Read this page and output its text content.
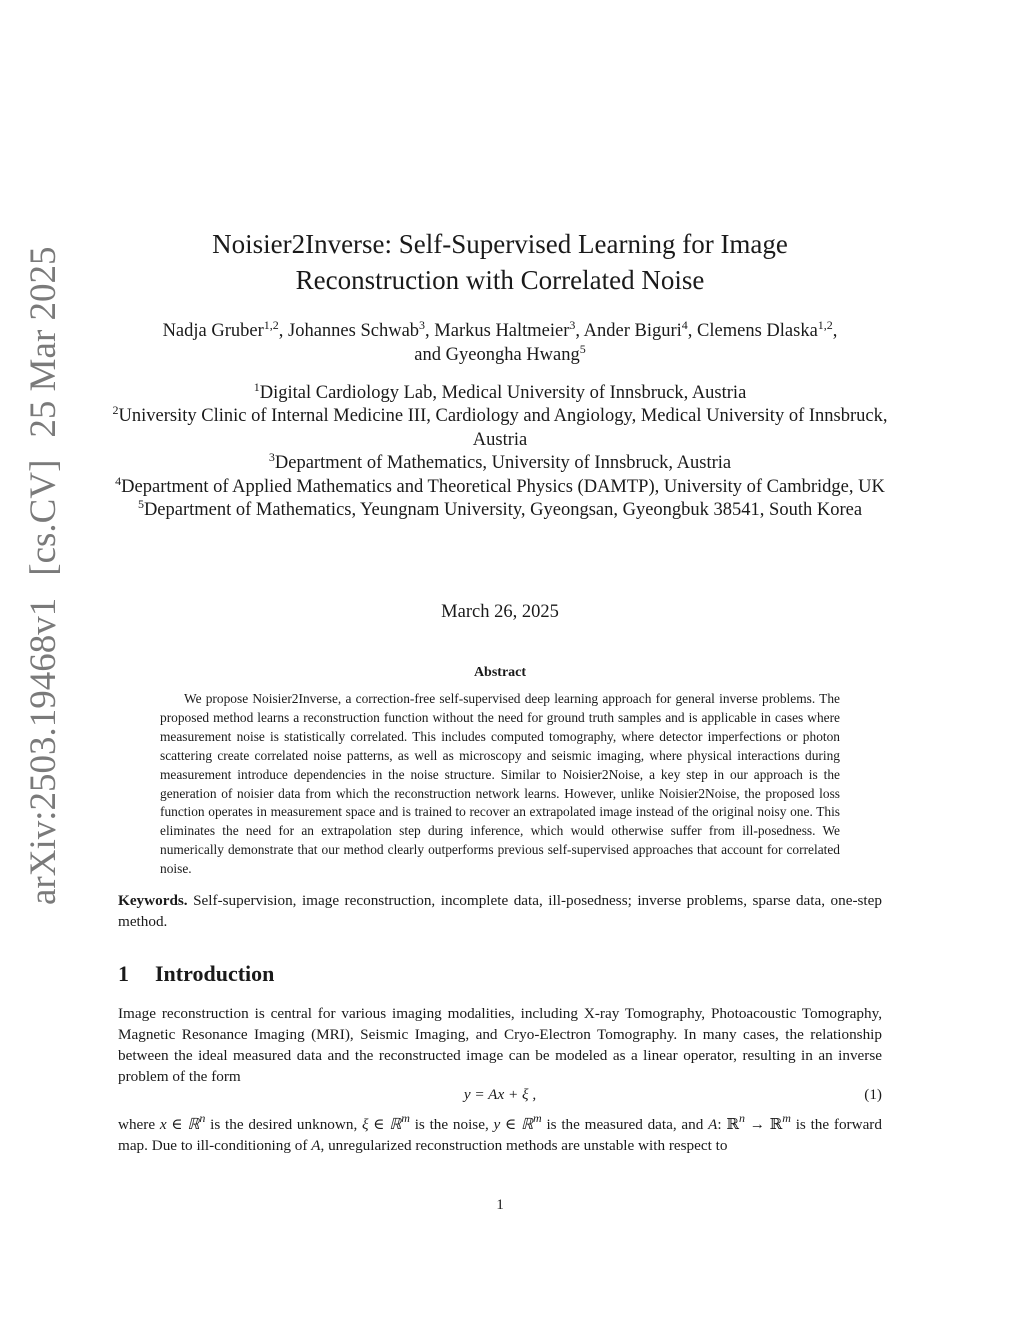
arXiv:2503.19468v1[cs.CV]25 Mar 2025
Noisier2Inverse: Self-Supervised Learning for Image
Reconstruction with Correlated Noise
Nadja Gruber$^{1,2}$, Johannes Schwab$^3$, Markus Haltmeier$^3$, Ander Biguri$^4$, Clemens Dlaska$^{1,2}$,
and Gyeongha Hwang$^5$
$^1$Digital Cardiology Lab, Medical University of Innsbruck, Austria
$^2$University Clinic of Internal Medicine III, Cardiology and Angiology, Medical University of Innsbruck, Austria
$^3$Department of Mathematics, University of Innsbruck, Austria
$^4$Department of Applied Mathematics and Theoretical Physics (DAMTP), University of Cambridge, UK
$^5$Department of Mathematics, Yeungnam University, Gyeongsan, Gyeongbuk 38541, South Korea
March 26, 2025
Abstract
We propose Noisier2Inverse, a correction-free self-supervised deep learning approach for general inverse problems. The proposed method learns a reconstruction function without the need for ground truth samples and is applicable in cases where measurement noise is statistically correlated. This includes computed tomography, where detector imperfections or photon scattering create correlated noise patterns, as well as microscopy and seismic imaging, where physical interactions during measurement introduce dependencies in the noise structure. Similar to Noisier2Noise, a key step in our approach is the generation of noisier data from which the reconstruction network learns. However, unlike Noisier2Noise, the proposed loss function operates in measurement space and is trained to recover an extrapolated image instead of the original noisy one. This eliminates the need for an extrapolation step during inference, which would otherwise suffer from ill-posedness. We numerically demonstrate that our method clearly outperforms previous self-supervised approaches that account for correlated noise.
Keywords. Self-supervision, image reconstruction, incomplete data, ill-posedness; inverse problems, sparse data, one-step method.
1 Introduction
Image reconstruction is central for various imaging modalities, including X-ray Tomography, Photoacoustic Tomography, Magnetic Resonance Imaging (MRI), Seismic Imaging, and Cryo-Electron Tomography. In many cases, the relationship between the ideal measured data and the reconstructed image can be modeled as a linear operator, resulting in an inverse problem of the form
y = Ax + ξ ,	(1)
where x ∈ ℝ$^n$ is the desired unknown, ξ ∈ ℝ$^m$ is the noise, y ∈ ℝ$^m$ is the measured data, and A: ℝ$^n$ → ℝ$^m$ is the forward map. Due to ill-conditioning of A, unregularized reconstruction methods are unstable with respect to
1
